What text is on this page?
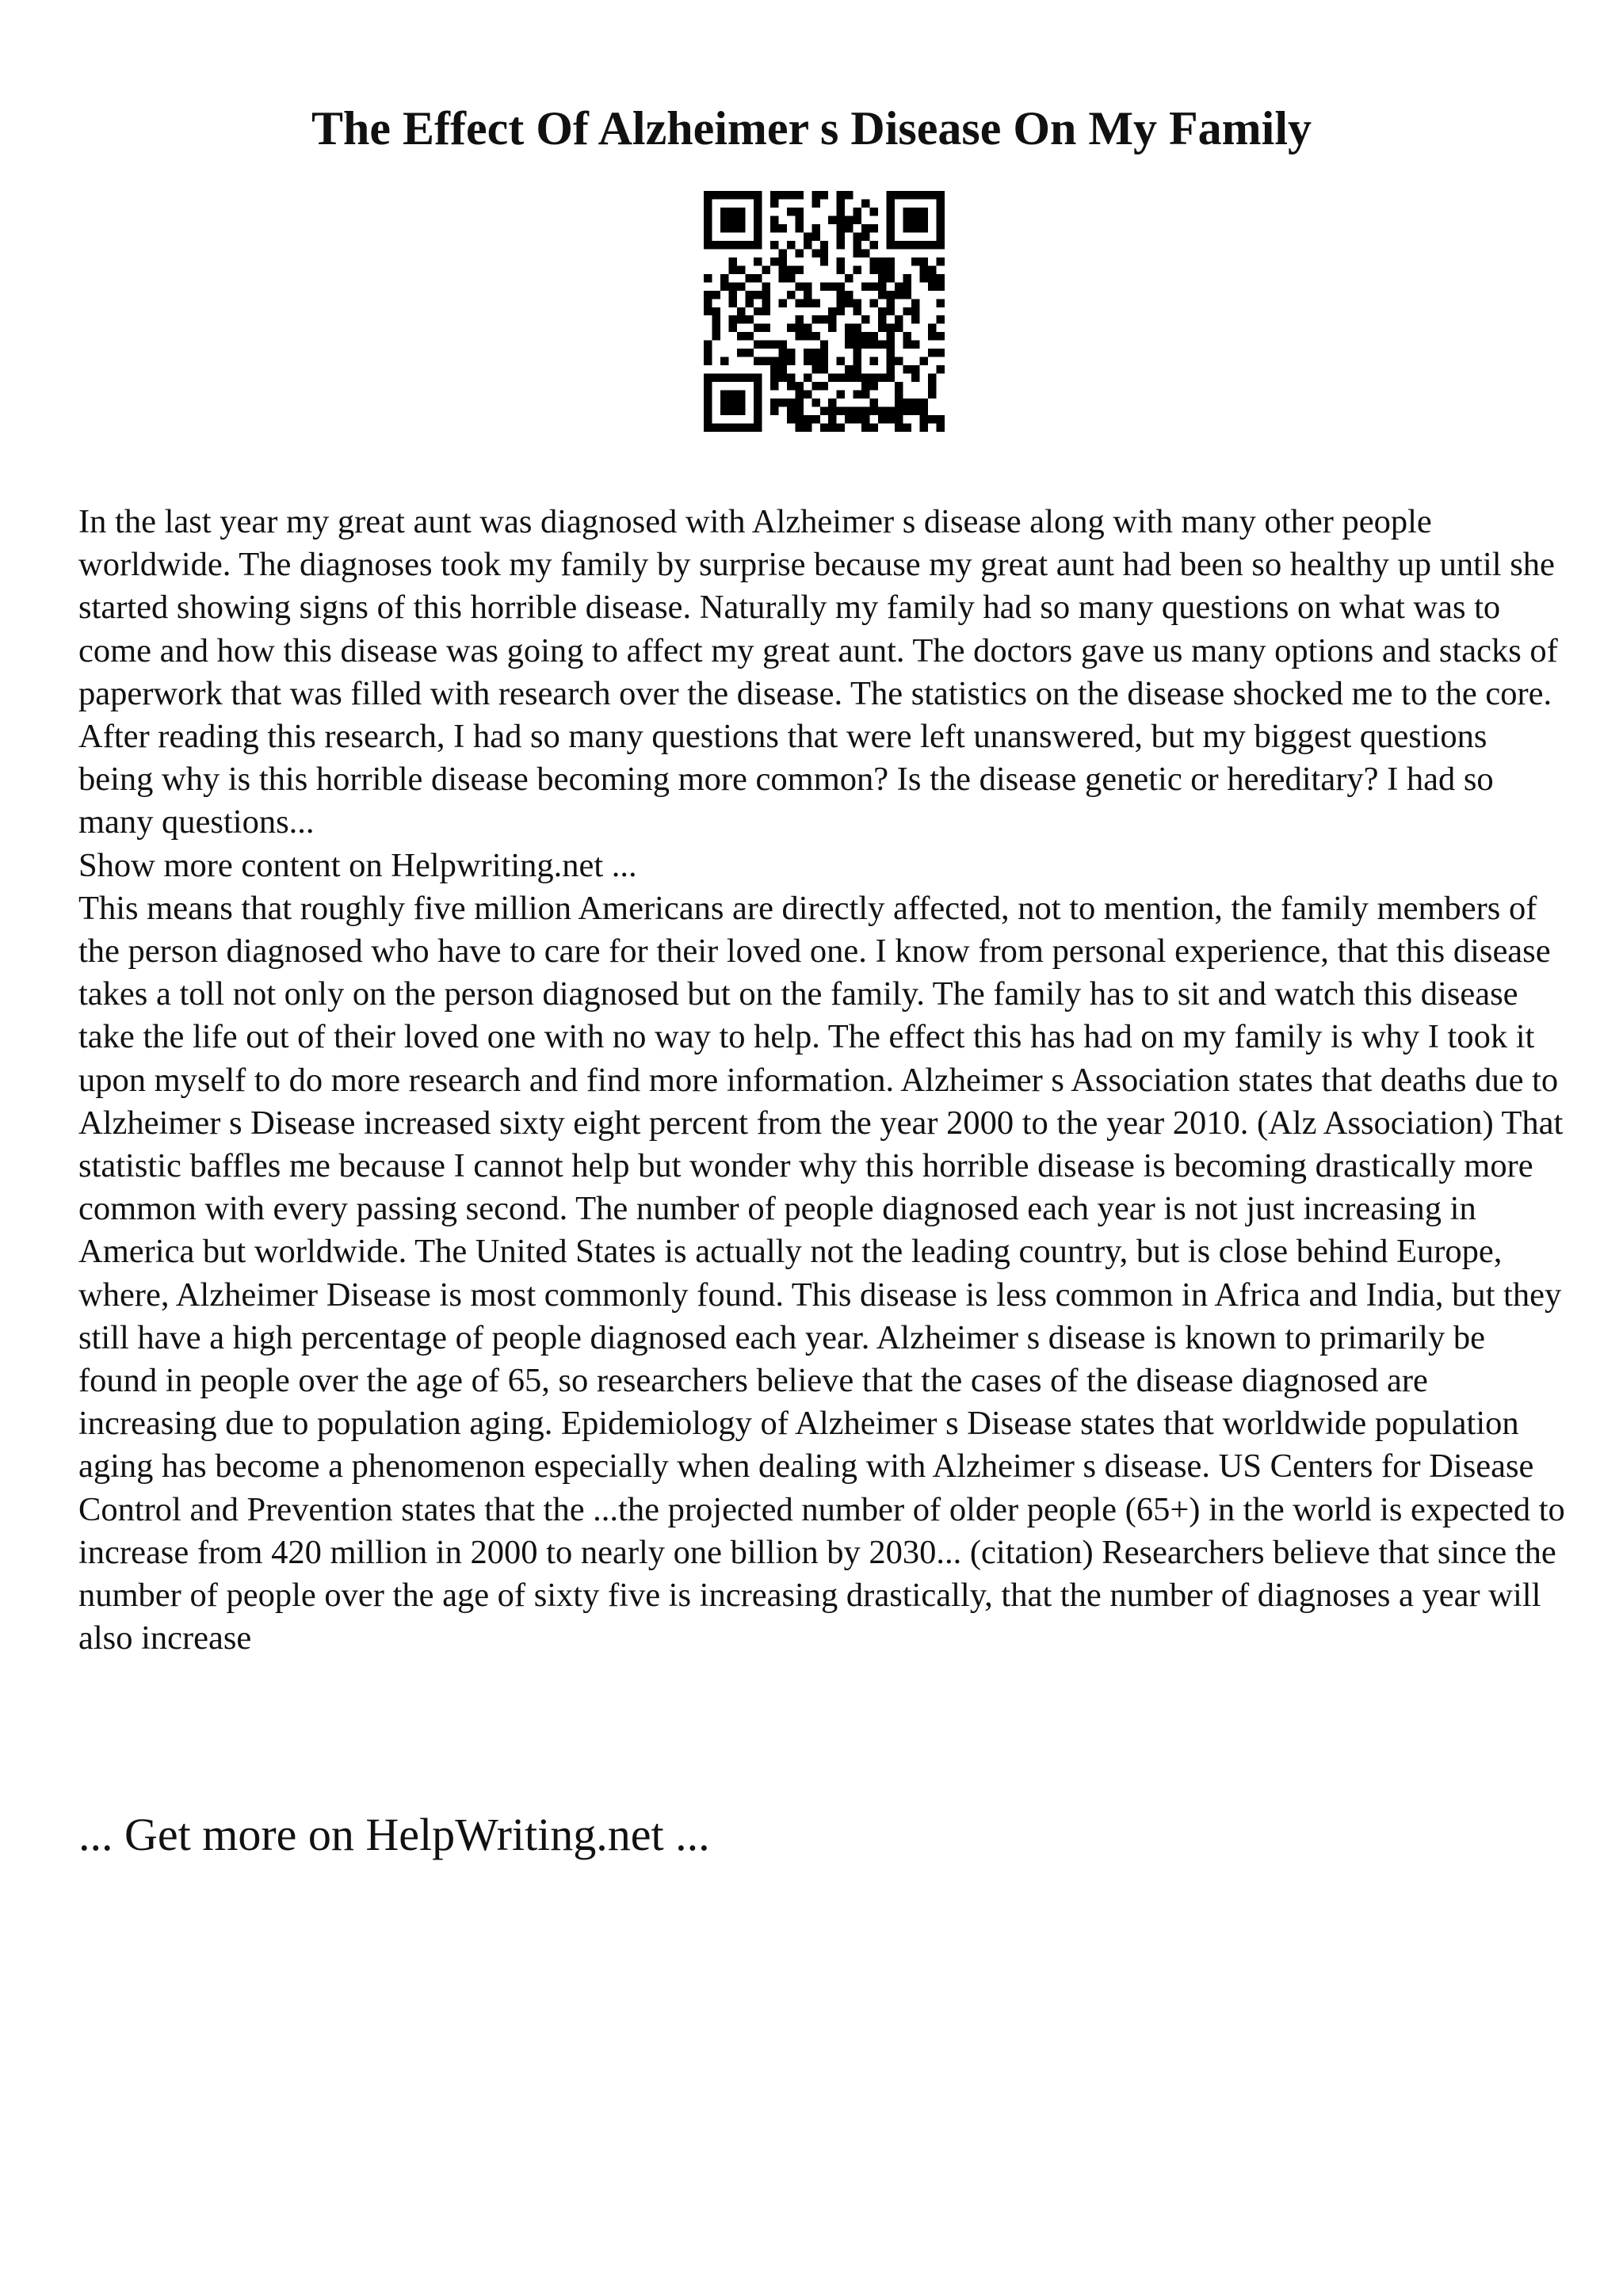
The Effect Of Alzheimer s Disease On My Family

In the last year my great aunt was diagnosed with Alzheimer s disease along with many other people worldwide. The diagnoses took my family by surprise because my great aunt had been so healthy up until she started showing signs of this horrible disease. Naturally my family had so many questions on what was to come and how this disease was going to affect my great aunt. The doctors gave us many options and stacks of paperwork that was filled with research over the disease. The statistics on the disease shocked me to the core. After reading this research, I had so many questions that were left unanswered, but my biggest questions being why is this horrible disease becoming more common? Is the disease genetic or hereditary? I had so many questions...

Show more content on Helpwriting.net ...

This means that roughly five million Americans are directly affected, not to mention, the family members of the person diagnosed who have to care for their loved one. I know from personal experience, that this disease takes a toll not only on the person diagnosed but on the family. The family has to sit and watch this disease take the life out of their loved one with no way to help. The effect this has had on my family is why I took it upon myself to do more research and find more information. Alzheimer s Association states that deaths due to Alzheimer s Disease increased sixty eight percent from the year 2000 to the year 2010. (Alz Association) That statistic baffles me because I cannot help but wonder why this horrible disease is becoming drastically more common with every passing second. The number of people diagnosed each year is not just increasing in America but worldwide. The United States is actually not the leading country, but is close behind Europe, where, Alzheimer Disease is most commonly found. This disease is less common in Africa and India, but they still have a high percentage of people diagnosed each year. Alzheimer s disease is known to primarily be found in people over the age of 65, so researchers believe that the cases of the disease diagnosed are increasing due to population aging. Epidemiology of Alzheimer s Disease states that worldwide population aging has become a phenomenon especially when dealing with Alzheimer s disease. US Centers for Disease Control and Prevention states that the ...the projected number of older people (65+) in the world is expected to increase from 420 million in 2000 to nearly one billion by 2030... (citation) Researchers believe that since the number of people over the age of sixty five is increasing drastically, that the number of diagnoses a year will also increase

... Get more on HelpWriting.net ...
